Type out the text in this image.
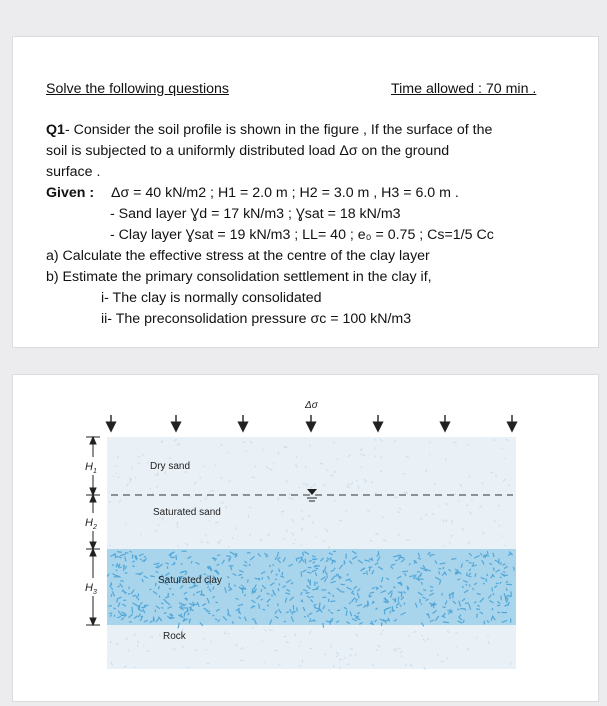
Solve the following questions	Time allowed : 70 min .
Q1- Consider the soil profile is shown in the figure , If the surface of the
soil is subjected to a uniformly distributed load Δσ on the ground
surface .
Given : Δσ = 40 kN/m2 ; H1 = 2.0 m ; H2 = 3.0 m , H3 = 6.0 m .
- Sand layer Ɣd = 17 kN/m3 ; Ɣsat = 18 kN/m3
- Clay layer Ɣsat = 19 kN/m3 ; LL= 40 ; e₀ = 0.75 ; Cs=1/5 Cc
a) Calculate the effective stress at the centre of the clay layer
b) Estimate the primary consolidation settlement in the clay if,
i- The clay is normally consolidated
ii- The preconsolidation pressure σc = 100 kN/m3
Δσ
$H_1$
$H_2$
$H_3$
Dry sand
Saturated sand
Saturated clay
Rock
